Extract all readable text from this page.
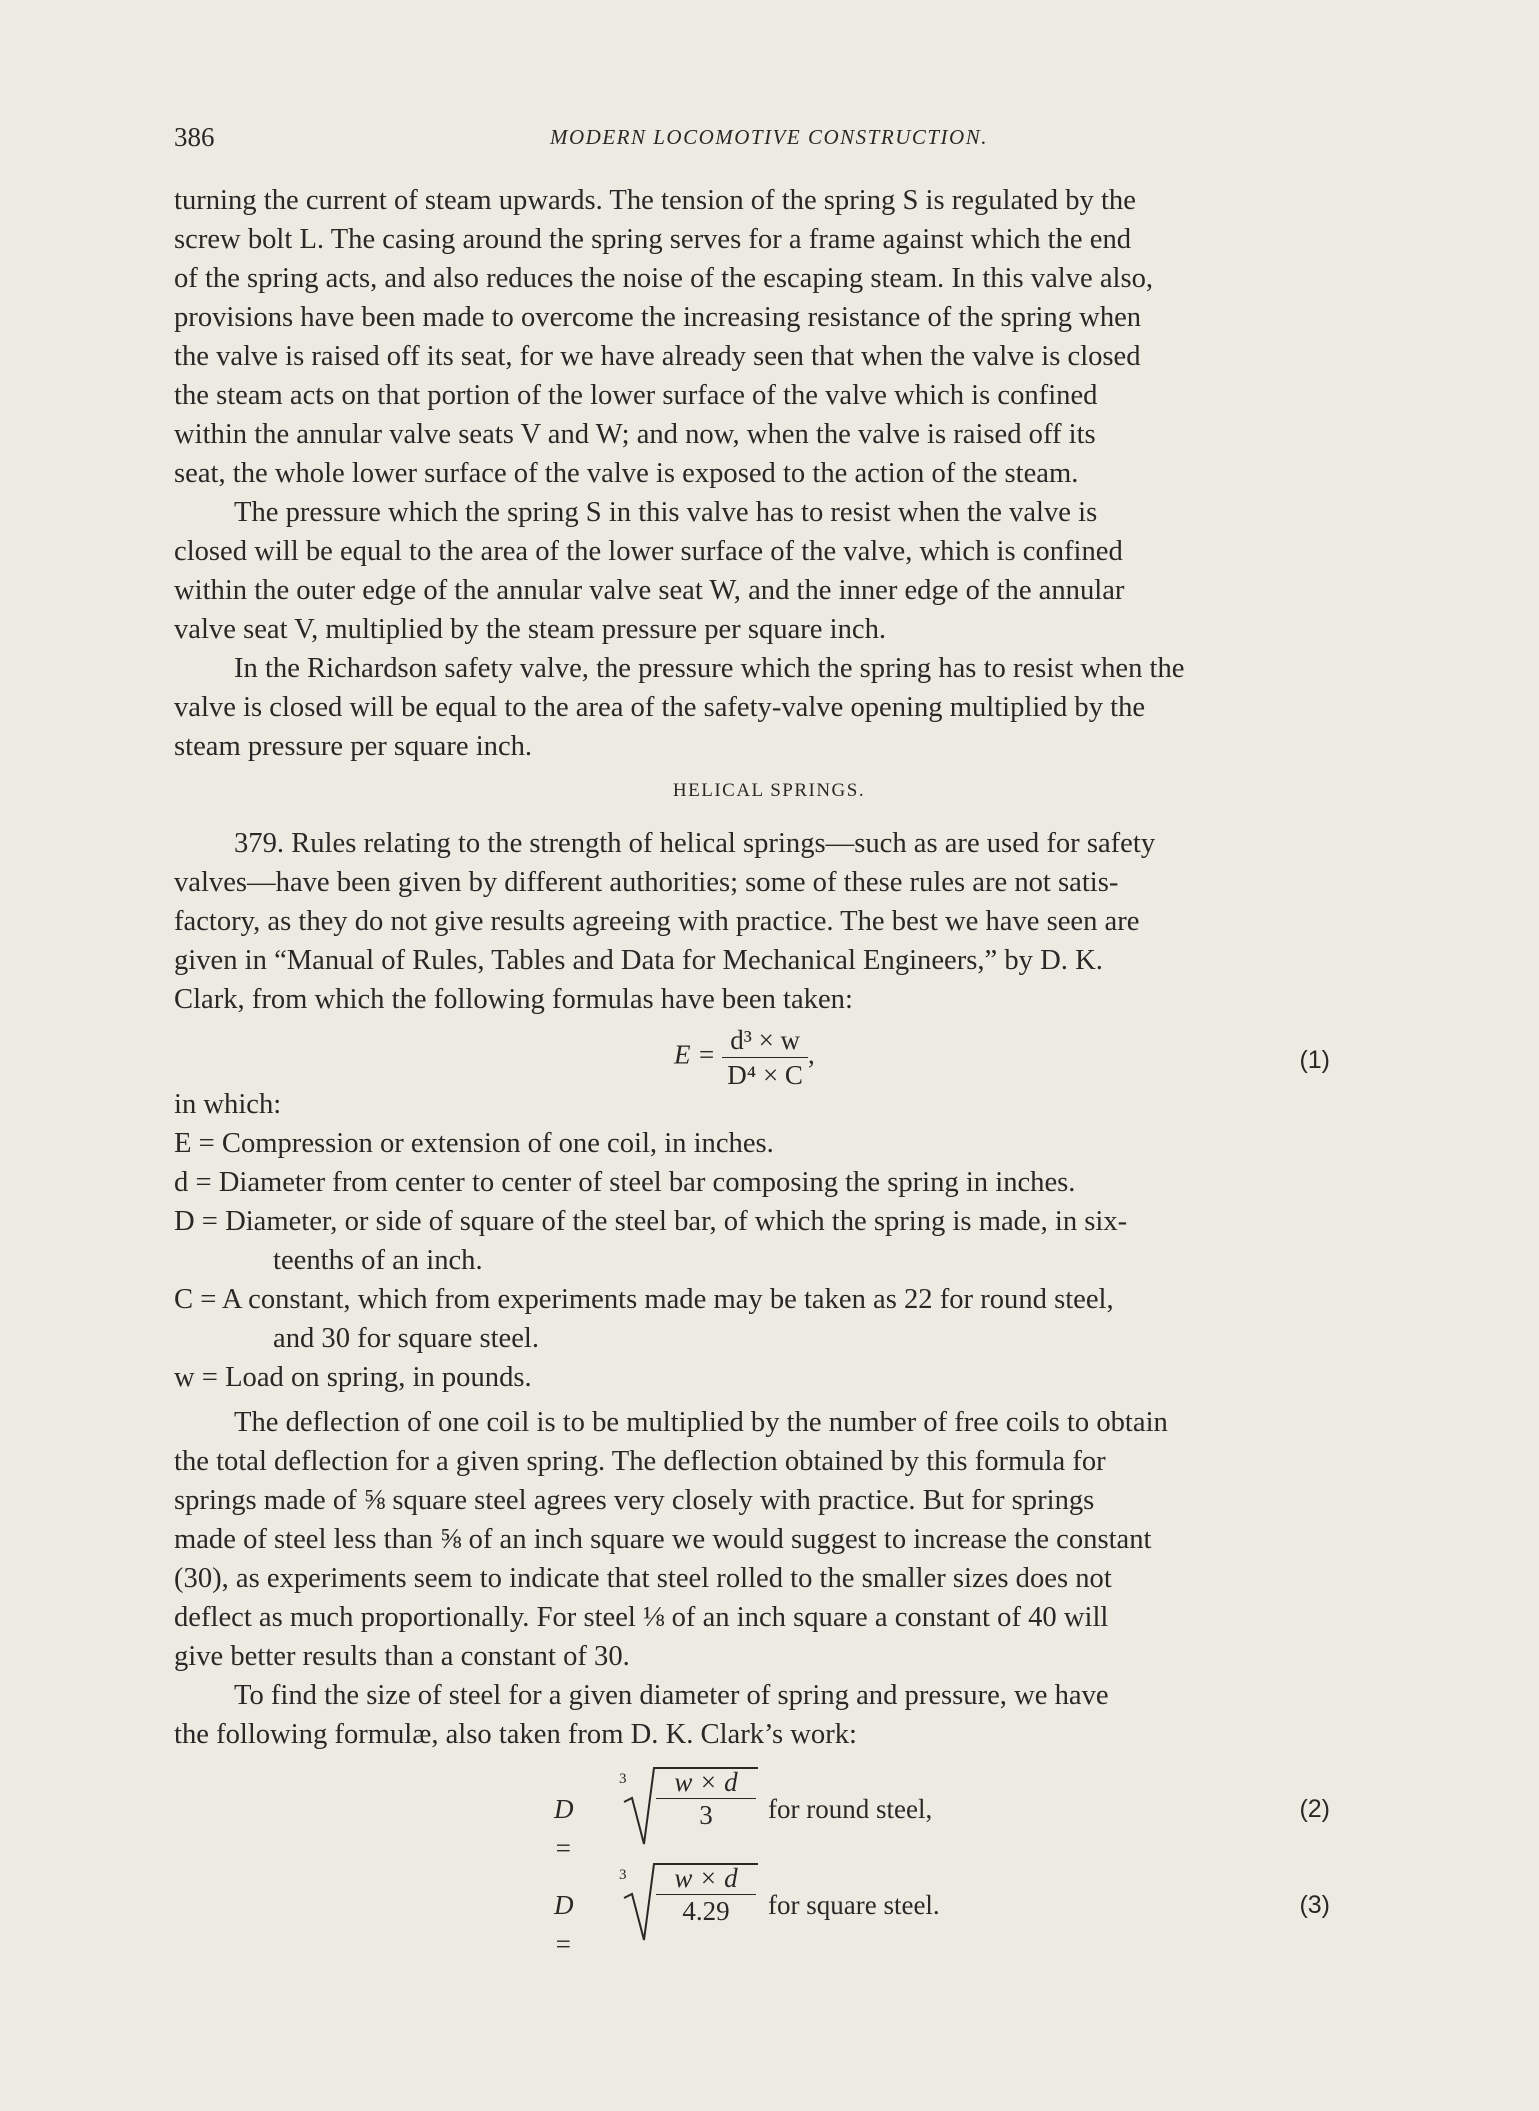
386	MODERN LOCOMOTIVE CONSTRUCTION.

turning the current of steam upwards. The tension of the spring S is regulated by the
screw bolt L. The casing around the spring serves for a frame against which the end
of the spring acts, and also reduces the noise of the escaping steam. In this valve also,
provisions have been made to overcome the increasing resistance of the spring when
the valve is raised off its seat, for we have already seen that when the valve is closed
the steam acts on that portion of the lower surface of the valve which is confined
within the annular valve seats V and W; and now, when the valve is raised off its
seat, the whole lower surface of the valve is exposed to the action of the steam.

The pressure which the spring S in this valve has to resist when the valve is
closed will be equal to the area of the lower surface of the valve, which is confined
within the outer edge of the annular valve seat W, and the inner edge of the annular
valve seat V, multiplied by the steam pressure per square inch.

In the Richardson safety valve, the pressure which the spring has to resist when the
valve is closed will be equal to the area of the safety-valve opening multiplied by the
steam pressure per square inch.

HELICAL SPRINGS.

379. Rules relating to the strength of helical springs—such as are used for safety
valves—have been given by different authorities; some of these rules are not satis-
factory, as they do not give results agreeing with practice. The best we have seen are
given in “Manual of Rules, Tables and Data for Mechanical Engineers,” by D. K.
Clark, from which the following formulas have been taken:

$E = \frac{\text{d³ × w}}{\text{D⁴ × C}}$ ,	(1)
in which:
E = Compression or extension of one coil, in inches.
d = Diameter from center to center of steel bar composing the spring in inches.
D = Diameter, or side of square of the steel bar, of which the spring is made, in six-
teenths of an inch.
C = A constant, which from experiments made may be taken as 22 for round steel,
and 30 for square steel.
w = Load on spring, in pounds.

The deflection of one coil is to be multiplied by the number of free coils to obtain
the total deflection for a given spring. The deflection obtained by this formula for
springs made of ⅝ square steel agrees very closely with practice. But for springs
made of steel less than ⅝ of an inch square we would suggest to increase the constant
(30), as experiments seem to indicate that steel rolled to the smaller sizes does not
deflect as much proportionally. For steel ⅛ of an inch square a constant of 40 will
give better results than a constant of 30.

To find the size of steel for a given diameter of spring and pressure, we have
the following formulæ, also taken from D. K. Clark’s work:

D =
$3 \frac{w \times d}{3}$ for round steel,	(2)
D =
$3 \frac{w \times d}{4.29}$ for square steel.	(3)
